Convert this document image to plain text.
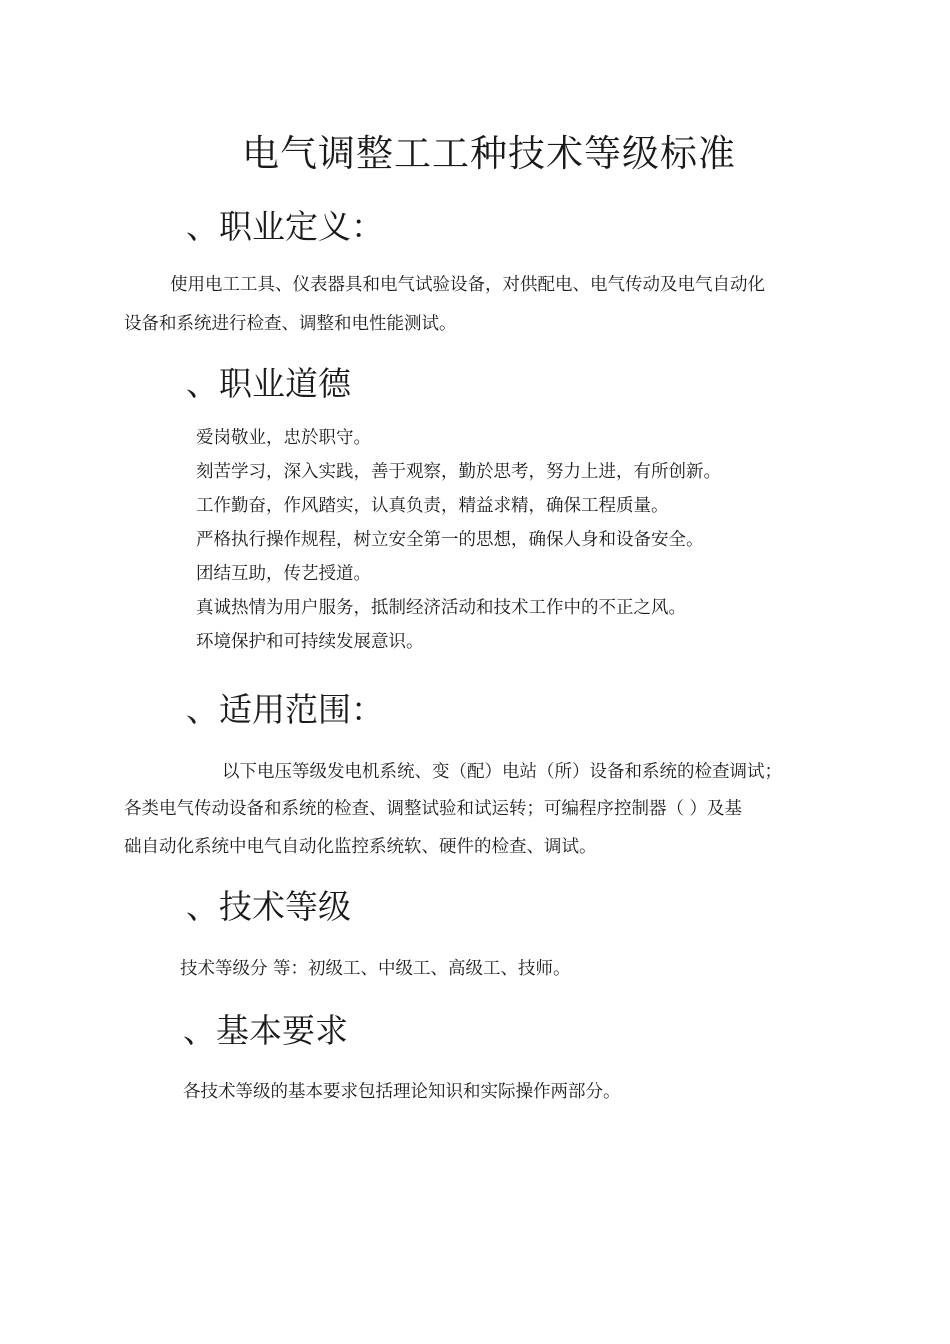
电气调整工工种技术等级标准
、职业定义：
使用电工工具、仪表器具和电气试验设备，对供配电、电气传动及电气自动化
设备和系统进行检查、调整和电性能测试。
、职业道德
爱岗敬业，忠於职守。
刻苦学习，深入实践，善于观察，勤於思考，努力上进，有所创新。
工作勤奋，作风踏实，认真负责，精益求精，确保工程质量。
严格执行操作规程，树立安全第一的思想，确保人身和设备安全。
团结互助，传艺授道。
真诚热情为用户服务，抵制经济活动和技术工作中的不正之风。
环境保护和可持续发展意识。
、适用范围：
以下电压等级发电机系统、变（配）电站（所）设备和系统的检查调试；
各类电气传动设备和系统的检查、调整试验和试运转；可编程序控制器（ ）及基
础自动化系统中电气自动化监控系统软、硬件的检查、调试。
、技术等级
技术等级分 等：初级工、中级工、高级工、技师。
、基本要求
各技术等级的基本要求包括理论知识和实际操作两部分。
